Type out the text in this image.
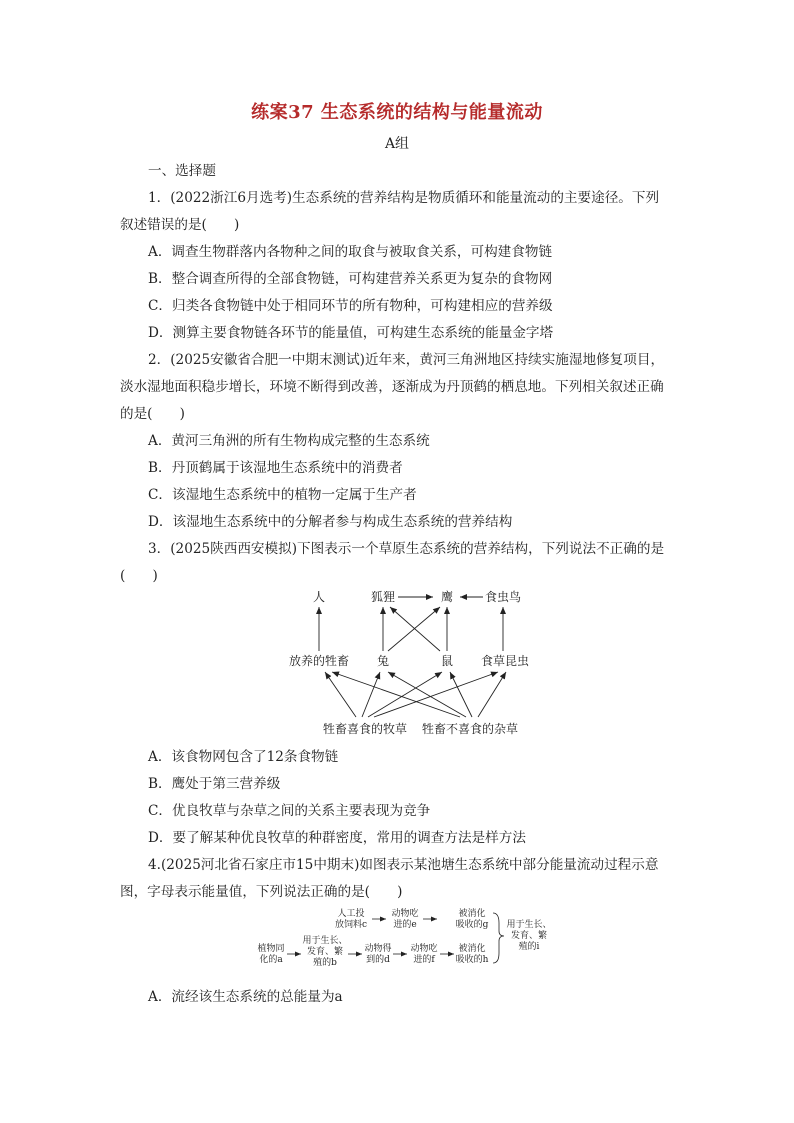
练案37 生态系统的结构与能量流动
A组
一、选择题
1．(2022浙江6月选考)生态系统的营养结构是物质循环和能量流动的主要途径。下列
叙述错误的是(　　)
A．调查生物群落内各物种之间的取食与被取食关系，可构建食物链
B．整合调查所得的全部食物链，可构建营养关系更为复杂的食物网
C．归类各食物链中处于相同环节的所有物种，可构建相应的营养级
D．测算主要食物链各环节的能量值，可构建生态系统的能量金字塔
2．(2025安徽省合肥一中期末测试)近年来，黄河三角洲地区持续实施湿地修复项目，
淡水湿地面积稳步增长，环境不断得到改善，逐渐成为丹顶鹤的栖息地。下列相关叙述正确
的是(　　)
A．黄河三角洲的所有生物构成完整的生态系统
B．丹顶鹤属于该湿地生态系统中的消费者
C．该湿地生态系统中的植物一定属于生产者
D．该湿地生态系统中的分解者参与构成生态系统的营养结构
3．(2025陕西西安模拟)下图表示一个草原生态系统的营养结构，下列说法不正确的是
(　　)
人	狐狸	鹰	食虫鸟
放养的牲畜 兔	鼠 食草昆虫
牲畜喜食的牧草 牲畜不喜食的杂草
A．该食物网包含了12条食物链
B．鹰处于第三营养级
C．优良牧草与杂草之间的关系主要表现为竞争
D．要了解某种优良牧草的种群密度，常用的调查方法是样方法
4.(2025河北省石家庄市15中期末)如图表示某池塘生态系统中部分能量流动过程示意
图，字母表示能量值，下列说法正确的是(　　)
人工投
放饲料c
动物吃
进的e
被消化
吸收的g
植物同
化的a
用于生长、
发育、繁
殖的b
动物得
到的d
动物吃
进的f
被消化
吸收的h
用于生长、
发育、繁
殖的i
A．流经该生态系统的总能量为a
